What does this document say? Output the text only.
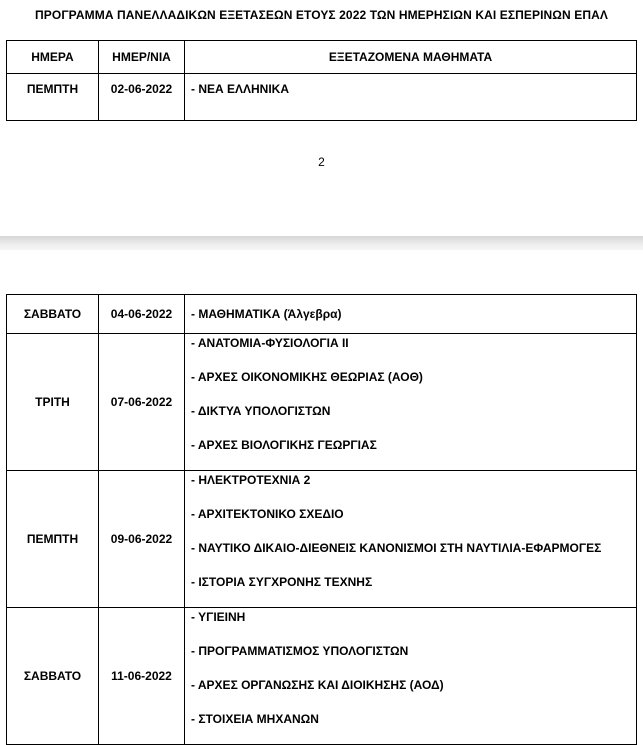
ΠΡΟΓΡΑΜΜΑ ΠΑΝΕΛΛΑΔΙΚΩΝ ΕΞΕΤΑΣΕΩΝ ΕΤΟΥΣ 2022 ΤΩΝ ΗΜΕΡΗΣΙΩΝ ΚΑΙ ΕΣΠΕΡΙΝΩΝ ΕΠΑΛ
ΗΜΕΡΑ	ΗΜΕΡ/ΝΙΑ	ΕΞΕΤΑΖΟΜΕΝΑ ΜΑΘΗΜΑΤΑ
ΠΕΜΠΤΗ	02-06-2022	- ΝΕΑ ΕΛΛΗΝΙΚΑ
2
ΣΑΒΒΑΤΟ	04-06-2022	- ΜΑΘΗΜΑΤΙΚΑ (Άλγεβρα)
ΤΡΙΤΗ	07-06-2022	- ΑΝΑΤΟΜΙΑ-ΦΥΣΙΟΛΟΓΙΑ ΙΙ
- ΑΡΧΕΣ ΟΙΚΟΝΟΜΙΚΗΣ ΘΕΩΡΙΑΣ (ΑΟΘ)
- ΔΙΚΤΥΑ ΥΠΟΛΟΓΙΣΤΩΝ
- ΑΡΧΕΣ ΒΙΟΛΟΓΙΚΗΣ ΓΕΩΡΓΙΑΣ

ΠΕΜΠΤΗ	09-06-2022	- ΗΛΕΚΤΡΟΤΕΧΝΙΑ 2
- ΑΡΧΙΤΕΚΤΟΝΙΚΟ ΣΧΕΔΙΟ
- ΝΑΥΤΙΚΟ ΔΙΚΑΙΟ-ΔΙΕΘΝΕΙΣ ΚΑΝΟΝΙΣΜΟΙ ΣΤΗ ΝΑΥΤΙΛΙΑ-ΕΦΑΡΜΟΓΕΣ
- ΙΣΤΟΡΙΑ ΣΥΓΧΡΟΝΗΣ ΤΕΧΝΗΣ

ΣΑΒΒΑΤΟ	11-06-2022	- ΥΓΙΕΙΝΗ
- ΠΡΟΓΡΑΜΜΑΤΙΣΜΟΣ ΥΠΟΛΟΓΙΣΤΩΝ
- ΑΡΧΕΣ ΟΡΓΑΝΩΣΗΣ ΚΑΙ ΔΙΟΙΚΗΣΗΣ (ΑΟΔ)
- ΣΤΟΙΧΕΙΑ ΜΗΧΑΝΩΝ
